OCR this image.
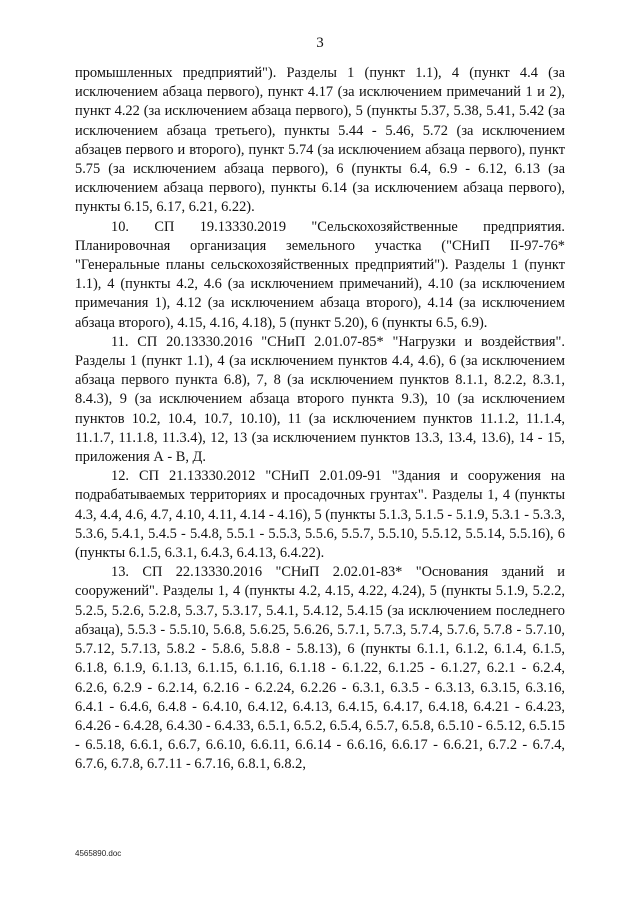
3

промышленных предприятий"). Разделы 1 (пункт 1.1), 4 (пункт 4.4 (за исключением абзаца первого), пункт 4.17 (за исключением примечаний 1 и 2), пункт 4.22 (за исключением абзаца первого), 5 (пункты 5.37, 5.38, 5.41, 5.42 (за исключением абзаца третьего), пункты 5.44 - 5.46, 5.72 (за исключением абзацев первого и второго), пункт 5.74 (за исключением абзаца первого), пункт 5.75 (за исключением абзаца первого), 6 (пункты 6.4, 6.9 - 6.12, 6.13 (за исключением абзаца первого), пункты 6.14 (за исключением абзаца первого), пункты 6.15, 6.17, 6.21, 6.22).

10. СП 19.13330.2019 "Сельскохозяйственные предприятия. Планировочная организация земельного участка ("СНиП II-97-76* "Генеральные планы сельскохозяйственных предприятий"). Разделы 1 (пункт 1.1), 4 (пункты 4.2, 4.6 (за исключением примечаний), 4.10 (за исключением примечания 1), 4.12 (за исключением абзаца второго), 4.14 (за исключением абзаца второго), 4.15, 4.16, 4.18), 5 (пункт 5.20), 6 (пункты 6.5, 6.9).

11. СП 20.13330.2016 "СНиП 2.01.07-85* "Нагрузки и воздействия". Разделы 1 (пункт 1.1), 4 (за исключением пунктов 4.4, 4.6), 6 (за исключением абзаца первого пункта 6.8), 7, 8 (за исключением пунктов 8.1.1, 8.2.2, 8.3.1, 8.4.3), 9 (за исключением абзаца второго пункта 9.3), 10 (за исключением пунктов 10.2, 10.4, 10.7, 10.10), 11 (за исключением пунктов 11.1.2, 11.1.4, 11.1.7, 11.1.8, 11.3.4), 12, 13 (за исключением пунктов 13.3, 13.4, 13.6), 14 - 15, приложения А - В, Д.

12. СП 21.13330.2012 "СНиП 2.01.09-91 "Здания и сооружения на подрабатываемых территориях и просадочных грунтах". Разделы 1, 4 (пункты 4.3, 4.4, 4.6, 4.7, 4.10, 4.11, 4.14 - 4.16), 5 (пункты 5.1.3, 5.1.5 - 5.1.9, 5.3.1 - 5.3.3, 5.3.6, 5.4.1, 5.4.5 - 5.4.8, 5.5.1 - 5.5.3, 5.5.6, 5.5.7, 5.5.10, 5.5.12, 5.5.14, 5.5.16), 6 (пункты 6.1.5, 6.3.1, 6.4.3, 6.4.13, 6.4.22).

13. СП 22.13330.2016 "СНиП 2.02.01-83* "Основания зданий и сооружений". Разделы 1, 4 (пункты 4.2, 4.15, 4.22, 4.24), 5 (пункты 5.1.9, 5.2.2, 5.2.5, 5.2.6, 5.2.8, 5.3.7, 5.3.17, 5.4.1, 5.4.12, 5.4.15 (за исключением последнего абзаца), 5.5.3 - 5.5.10, 5.6.8, 5.6.25, 5.6.26, 5.7.1, 5.7.3, 5.7.4, 5.7.6, 5.7.8 - 5.7.10, 5.7.12, 5.7.13, 5.8.2 - 5.8.6, 5.8.8 - 5.8.13), 6 (пункты 6.1.1, 6.1.2, 6.1.4, 6.1.5, 6.1.8, 6.1.9, 6.1.13, 6.1.15, 6.1.16, 6.1.18 - 6.1.22, 6.1.25 - 6.1.27, 6.2.1 - 6.2.4, 6.2.6, 6.2.9 - 6.2.14, 6.2.16 - 6.2.24, 6.2.26 - 6.3.1, 6.3.5 - 6.3.13, 6.3.15, 6.3.16, 6.4.1 - 6.4.6, 6.4.8 - 6.4.10, 6.4.12, 6.4.13, 6.4.15, 6.4.17, 6.4.18, 6.4.21 - 6.4.23, 6.4.26 - 6.4.28, 6.4.30 - 6.4.33, 6.5.1, 6.5.2, 6.5.4, 6.5.7, 6.5.8, 6.5.10 - 6.5.12, 6.5.15 - 6.5.18, 6.6.1, 6.6.7, 6.6.10, 6.6.11, 6.6.14 - 6.6.16, 6.6.17 - 6.6.21, 6.7.2 - 6.7.4, 6.7.6, 6.7.8, 6.7.11 - 6.7.16, 6.8.1, 6.8.2,

4565890.doc
